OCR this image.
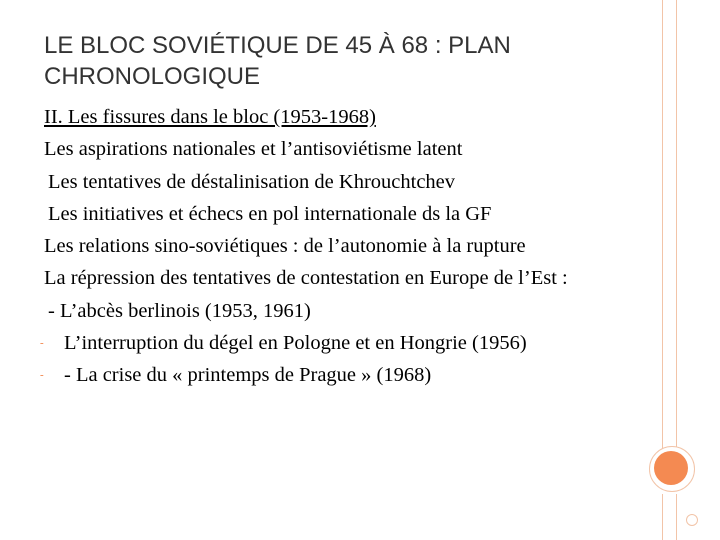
LE BLOC SOVIÉTIQUE DE 45 À 68 : PLAN CHRONOLOGIQUE
II. Les fissures dans le bloc (1953-1968)
Les aspirations nationales et l’antisoviétisme latent
Les tentatives de déstalinisation de Khrouchtchev
Les initiatives et échecs en pol internationale ds la GF
Les relations sino-soviétiques : de l’autonomie à la rupture
La répression des tentatives de contestation en Europe de l’Est :
- L’abcès berlinois (1953, 1961)
- L’interruption du dégel en Pologne et en Hongrie (1956)
- - La crise du « printemps de Prague » (1968)
